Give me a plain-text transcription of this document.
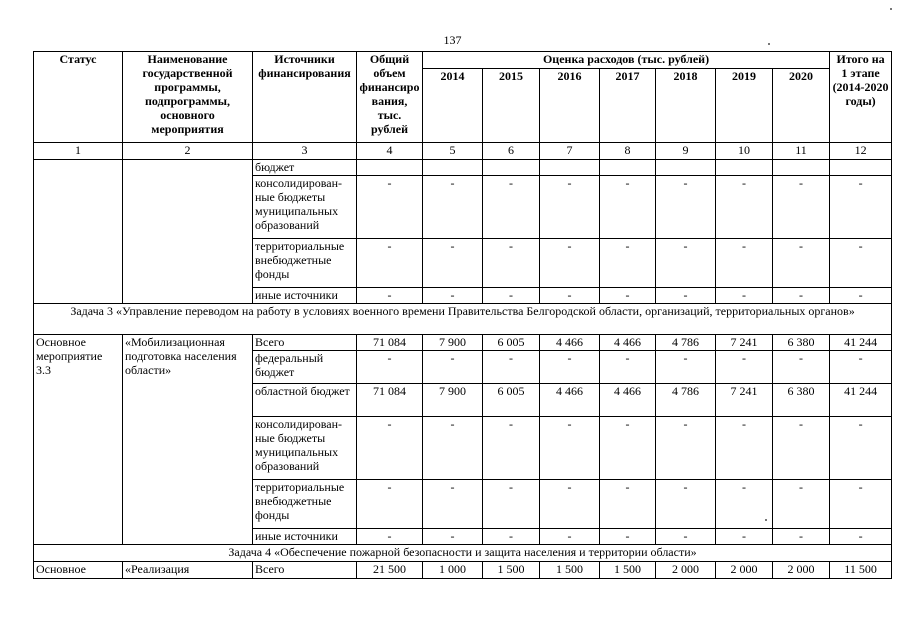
137
Статус	Наименование государственной программы, подпрограммы, основного мероприятия	Источники финансирования	Общий объем финансиро вания, тыс. рублей	Оценка расходов (тыс. рублей)							Итого на 1 этапе (2014-2020 годы)
				2014	2015	2016	2017	2018	2019	2020	
1	2	3	4	5	6	7	8	9	10	11	12
		бюджет									
		консолидирован-ные бюджеты муниципальных образований	-	-	-	-	-	-	-	-	-
		территориальные внебюджетные фонды	-	-	-	-	-	-	-	-	-
		иные источники	-	-	-	-	-	-	-	-	-
Задача 3 «Управление переводом на работу в условиях военного времени Правительства Белгородской области, организаций, территориальных органов»											
Основное мероприятие 3.3	«Мобилизационная подготовка населения области»	Всего	71 084	7 900	6 005	4 466	4 466	4 786	7 241	6 380	41 244
		федеральный бюджет	-	-	-	-	-	-	-	-	-
		областной бюджет	71 084	7 900	6 005	4 466	4 466	4 786	7 241	6 380	41 244
		консолидирован-ные бюджеты муниципальных образований	-	-	-	-	-	-	-	-	-
		территориальные внебюджетные фонды	-	-	-	-	-	-	-	-	-
		иные источники	-	-	-	-	-	-	-	-	-
Задача 4 «Обеспечение пожарной безопасности и защита населения и территории области»											
Основное	«Реализация	Всего	21 500	1 000	1 500	1 500	1 500	2 000	2 000	2 000	11 500
